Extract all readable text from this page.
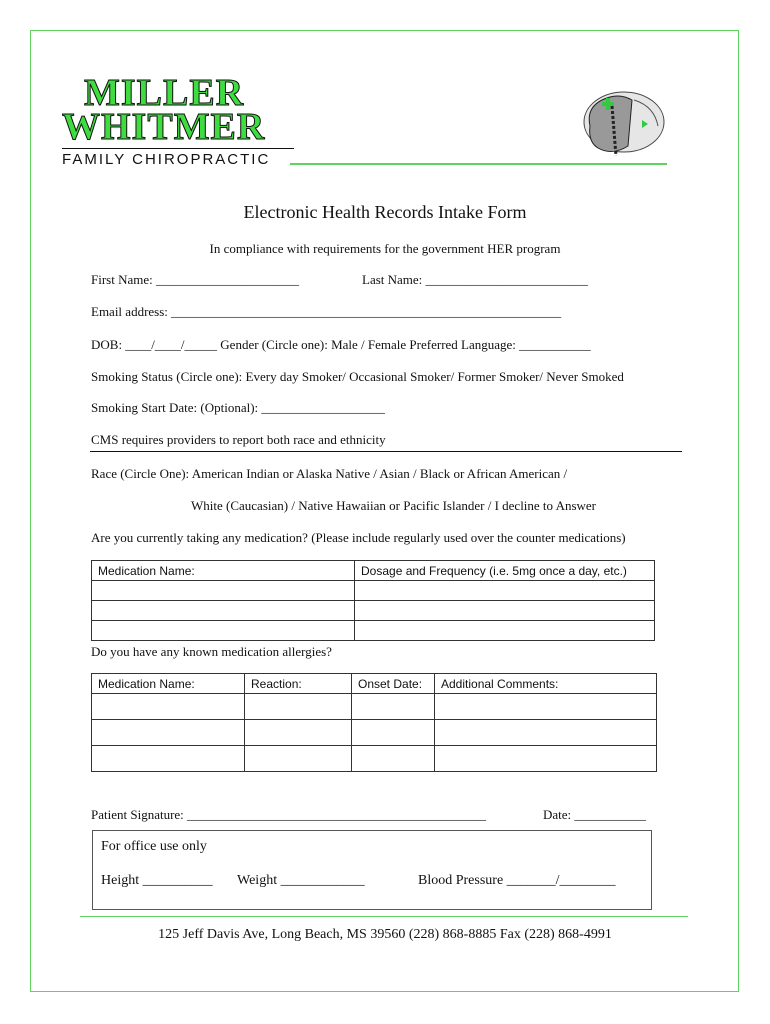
MILLER
WHITMER
FAMILY CHIROPRACTIC
Electronic Health Records Intake Form
In compliance with requirements for the government HER program
First Name: ______________________	Last Name: _________________________
Email address: ____________________________________________________________
DOB: ____/____/_____ Gender (Circle one): Male / Female Preferred Language: ___________
Smoking Status (Circle one): Every day Smoker/ Occasional Smoker/ Former Smoker/ Never Smoked
Smoking Start Date: (Optional): ___________________
CMS requires providers to report both race and ethnicity
Race (Circle One): American Indian or Alaska Native / Asian / Black or African American /
White (Caucasian) / Native Hawaiian or Pacific Islander / I decline to Answer
Are you currently taking any medication? (Please include regularly used over the counter medications)
Medication Name:	Dosage and Frequency (i.e. 5mg once a day, etc.)

Do you have any known medication allergies?
Medication Name:	Reaction:	Onset Date:	Additional Comments:

Patient Signature: ______________________________________________	Date: ___________
For office use only
Height __________ Weight ____________	Blood Pressure _______/________
125 Jeff Davis Ave, Long Beach, MS 39560 (228) 868-8885 Fax (228) 868-4991
